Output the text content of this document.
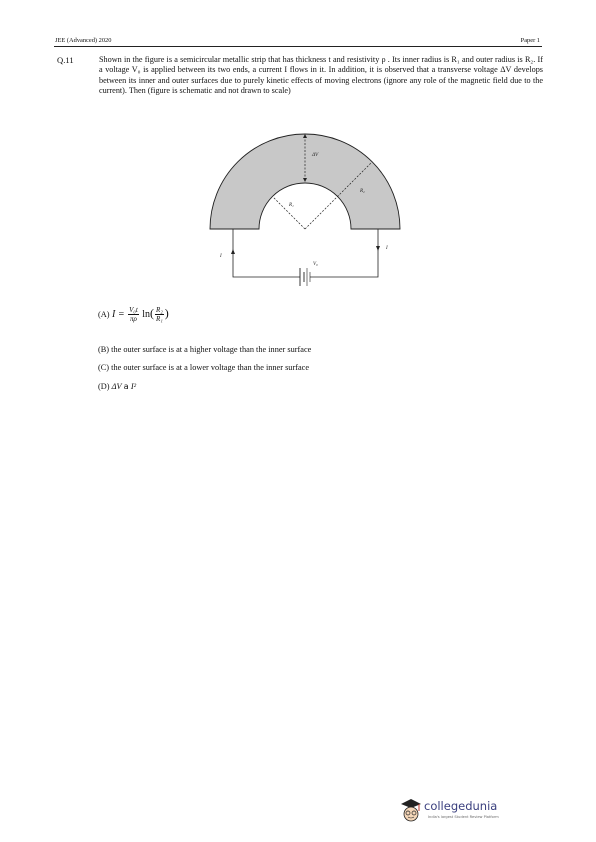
JEE (Advanced) 2020	Paper 1
Q.11	Shown in the figure is a semicircular metallic strip that has thickness t and resistivity ρ . Its inner radius is R₁ and outer radius is R₂. If a voltage V₀ is applied between its two ends, a current I flows in it. In addition, it is observed that a transverse voltage ΔV develops between its inner and outer surfaces due to purely kinetic effects of moving electrons (ignore any role of the magnetic field due to the current). Then (figure is schematic and not drawn to scale)
ΔV
R₂
R₁
V₀
I
I
(A) $I = \frac{\text{V₀t}}{\pi\rho} \ln( \frac{\text{R₂}}{\text{R₁}}$ )
(B) the outer surface is at a higher voltage than the inner surface
(C) the outer surface is at a lower voltage than the inner surface
(D) ΔV a I²
collegedunia
India's largest Student Review Platform
